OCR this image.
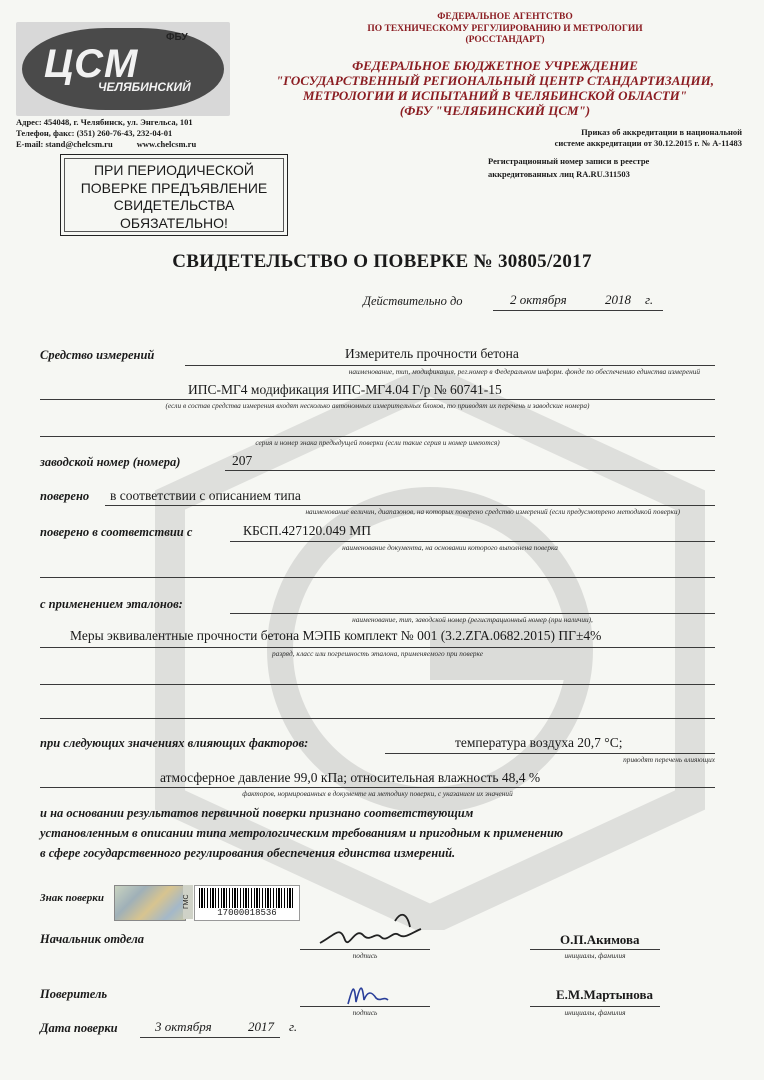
ФБУ
ЦСМ
ЧЕЛЯБИНСКИЙ
ФЕДЕРАЛЬНОЕ АГЕНТСТВО
ПО ТЕХНИЧЕСКОМУ РЕГУЛИРОВАНИЮ И МЕТРОЛОГИИ
(РОССТАНДАРТ)
ФЕДЕРАЛЬНОЕ БЮДЖЕТНОЕ УЧРЕЖДЕНИЕ
"ГОСУДАРСТВЕННЫЙ РЕГИОНАЛЬНЫЙ ЦЕНТР СТАНДАРТИЗАЦИИ,
МЕТРОЛОГИИ И ИСПЫТАНИЙ В ЧЕЛЯБИНСКОЙ ОБЛАСТИ"
(ФБУ "ЧЕЛЯБИНСКИЙ ЦСМ")
Адрес: 454048, г. Челябинск, ул. Энгельса, 101
Телефон, факс: (351) 260-76-43, 232-04-01
E-mail: stand@chelcsm.ru	www.chelcsm.ru
Приказ об аккредитации в национальной
системе аккредитации от 30.12.2015 г. № А-11483
Регистрационный номер записи в реестре
аккредитованных лиц RA.RU.311503
ПРИ ПЕРИОДИЧЕСКОЙ
ПОВЕРКЕ ПРЕДЪЯВЛЕНИЕ
СВИДЕТЕЛЬСТВА
ОБЯЗАТЕЛЬНО!
СВИДЕТЕЛЬСТВО О ПОВЕРКЕ № 30805/2017
Действительно до	2 октября	2018 г.
Средство измерений	Измеритель прочности бетона
наименование, тип, модификация, рег.номер в Федеральном информ. фонде по обеспечению единства измерений
ИПС-МГ4 модификация ИПС-МГ4.04 Г/р № 60741-15
(если в состав средства измерения входят несколько автономных измерительных блоков, то приводят их перечень и заводские номера)
серия и номер знака предыдущей поверки (если такие серия и номер имеются)
заводской номер (номера)	207
поверено в соответствии с описанием типа
наименование величин, диапазонов, на которых поверено средство измерений (если предусмотрено методикой поверки)
поверено в соответствии с	КБСП.427120.049 МП
наименование документа, на основании которого выполнена поверка
с применением эталонов:
наименование, тип, заводской номер (регистрационный номер (при наличии),
Меры эквивалентные прочности бетона МЭПБ комплект № 001 (3.2.ZГА.0682.2015) ПГ±4%
разряд, класс или погрешность эталона, применяемого при поверке
при следующих значениях влияющих факторов:	температура воздуха 20,7 °С;
приводят перечень влияющих
атмосферное давление 99,0 кПа; относительная влажность 48,4 %
факторов, нормированных в документе на методику поверки, с указанием их значений
и на основании результатов первичной поверки признано соответствующим
установленным в описании типа метрологическим требованиям и пригодным к применению
в сфере государственного регулирования обеспечения единства измерений.
Знак поверки	ГМС
17000018536
Начальник отдела
подпись
О.П.Акимова
инициалы, фамилия
Поверитель
подпись
Е.М.Мартынова
инициалы, фамилия
Дата поверки	3 октября	2017 г.
